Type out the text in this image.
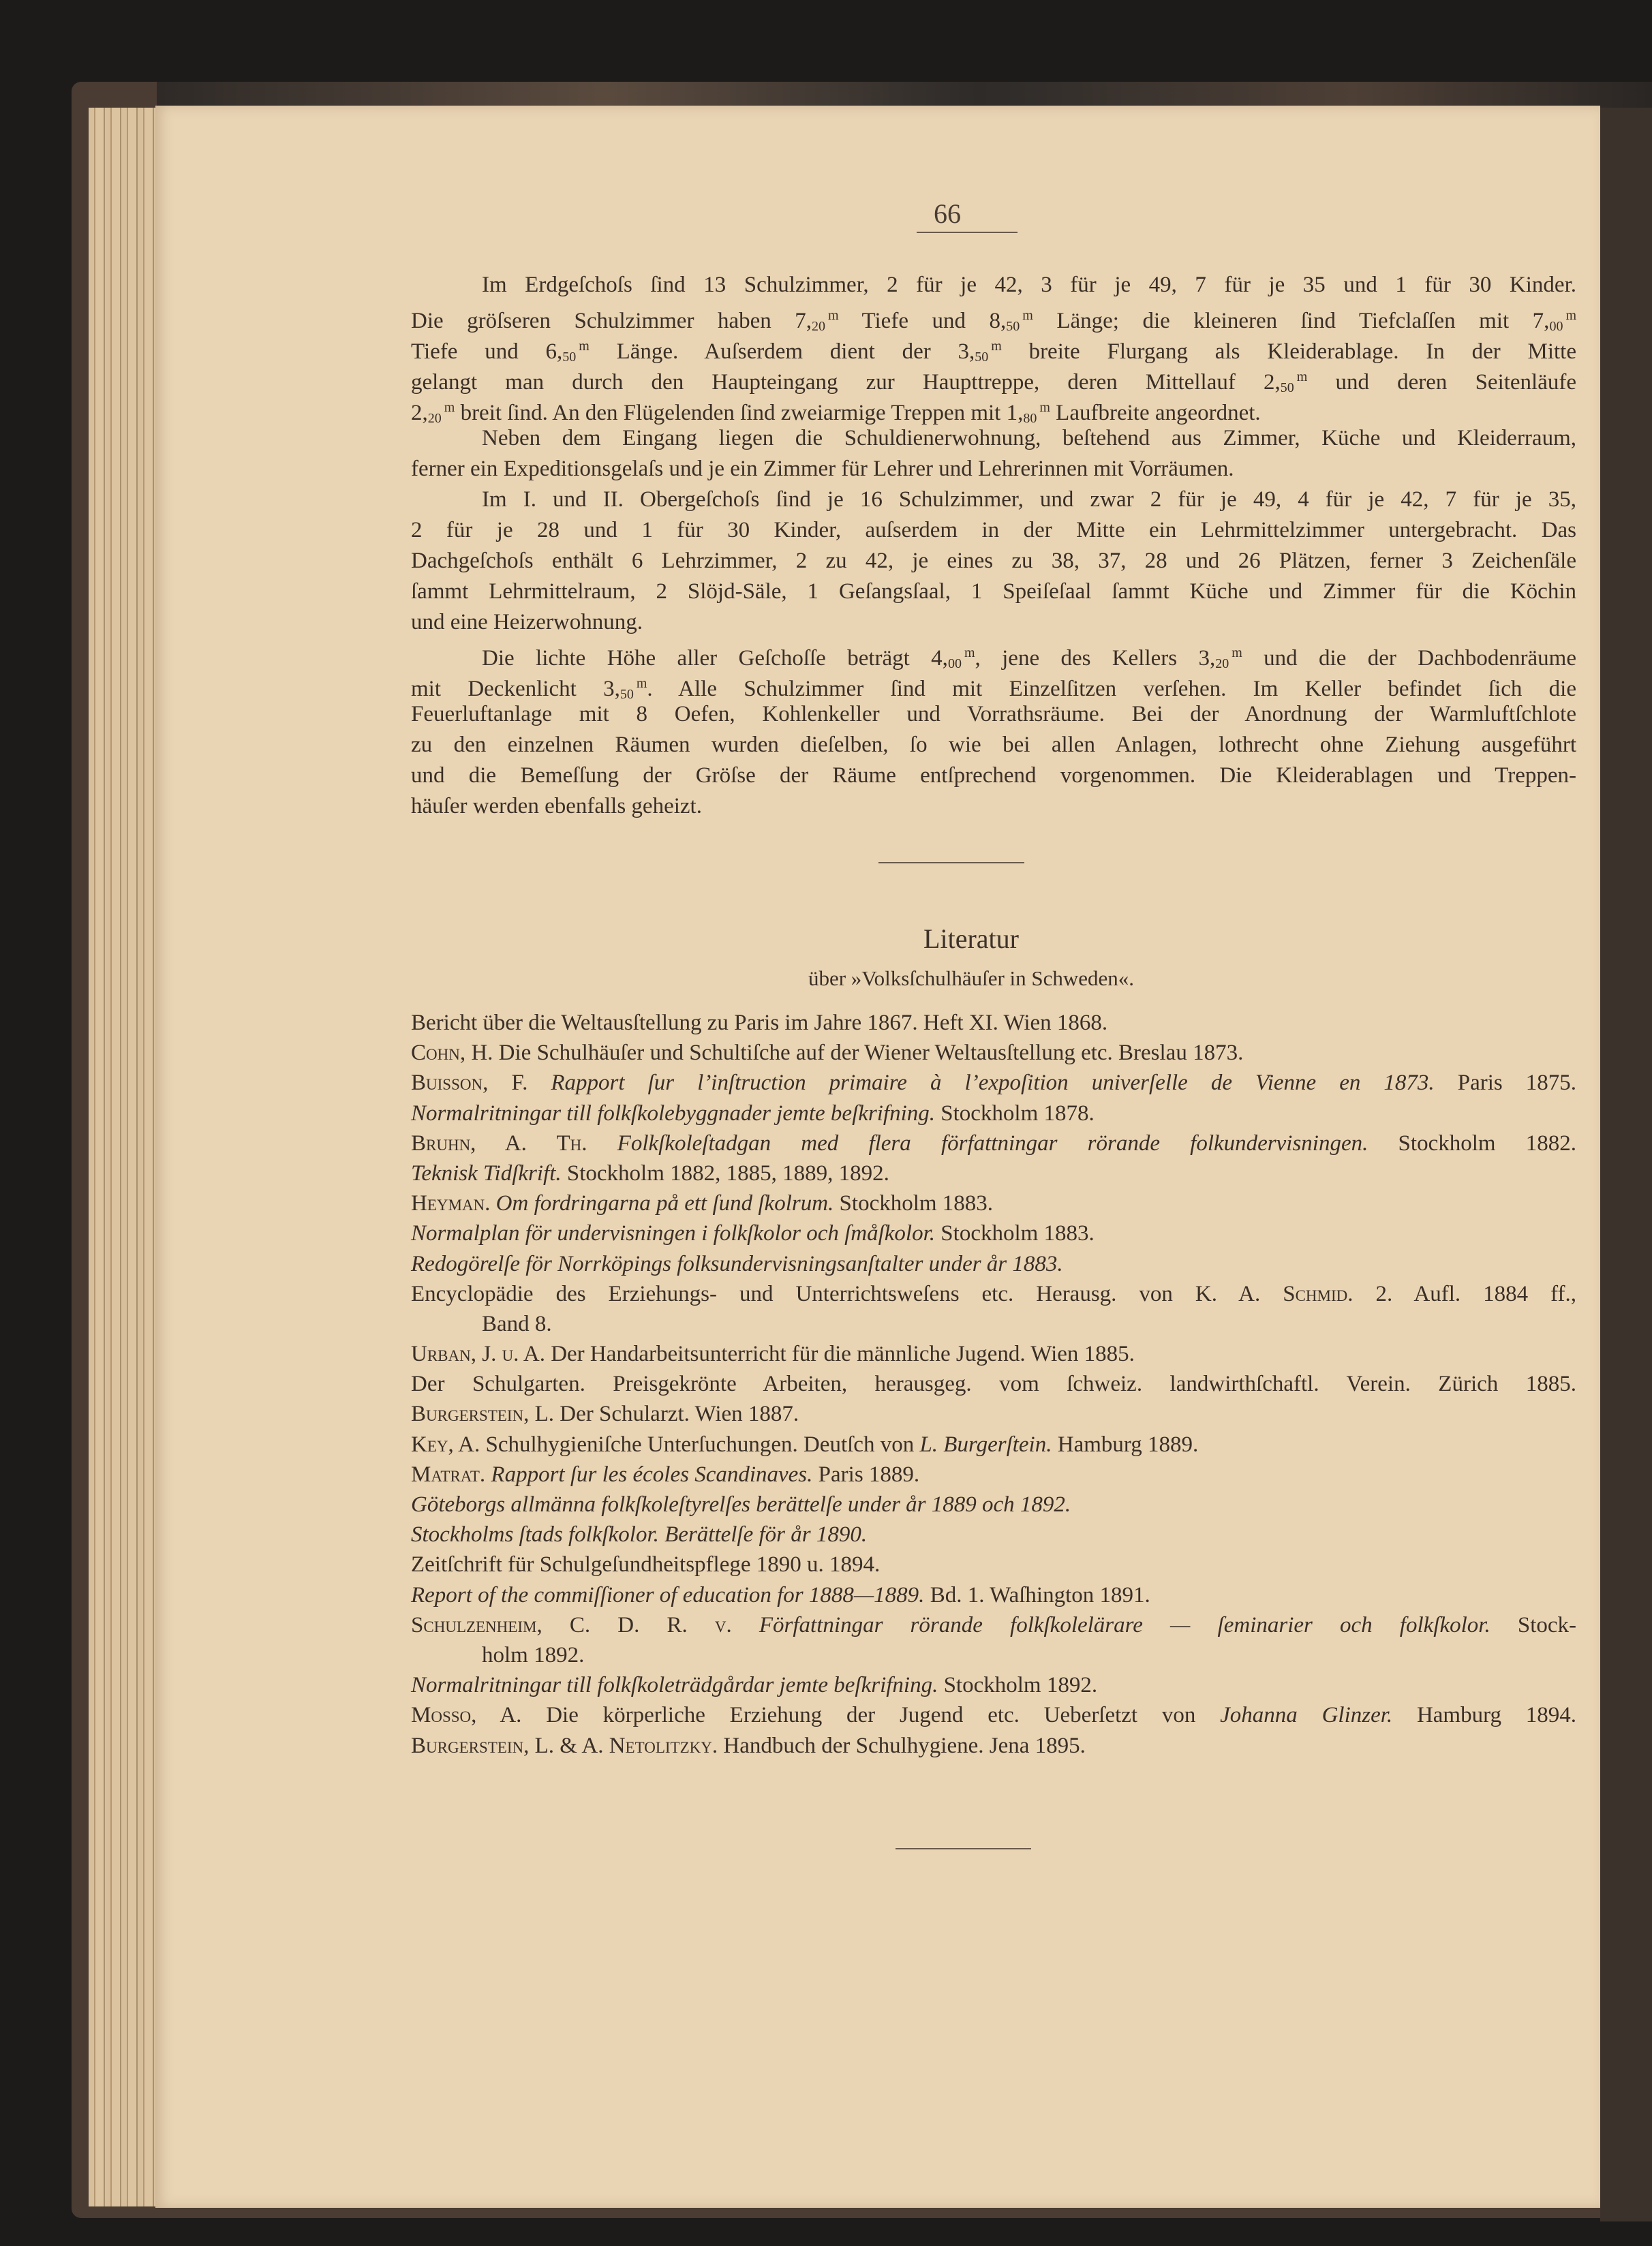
66
Im Erdgeſchoſs ſind 13 Schulzimmer, 2 für je 42, 3 für je 49, 7 für je 35 und 1 für 30 Kinder.
Die gröſseren Schulzimmer haben $7,_{20}^m$ Tiefe und $8,_{50}^m$ Länge; die kleineren ſind Tiefclaſſen mit $7,_{00}^m$
Tiefe und $6,_{50}^m$ Länge. Auſserdem dient der $3,_{50}^m$ breite Flurgang als Kleiderablage. In der Mitte
gelangt man durch den Haupteingang zur Haupttreppe, deren Mittellauf $2,_{50}^m$ und deren Seitenläufe
$2,_{20}^m$ breit ſind. An den Flügelenden ſind zweiarmige Treppen mit $1,_{80}^m$ Laufbreite angeordnet.
Neben dem Eingang liegen die Schuldienerwohnung, beſtehend aus Zimmer, Küche und Kleiderraum,
ferner ein Expeditionsgelaſs und je ein Zimmer für Lehrer und Lehrerinnen mit Vorräumen.
Im I. und II. Obergeſchoſs ſind je 16 Schulzimmer, und zwar 2 für je 49, 4 für je 42, 7 für je 35,
2 für je 28 und 1 für 30 Kinder, auſserdem in der Mitte ein Lehrmittelzimmer untergebracht. Das
Dachgeſchoſs enthält 6 Lehrzimmer, 2 zu 42, je eines zu 38, 37, 28 und 26 Plätzen, ferner 3 Zeichenſäle
ſammt Lehrmittelraum, 2 Slöjd-Säle, 1 Geſangsſaal, 1 Speiſeſaal ſammt Küche und Zimmer für die Köchin
und eine Heizerwohnung.
Die lichte Höhe aller Geſchoſſe beträgt $4,_{00}^m$, jene des Kellers $3,_{20}^m$ und die der Dachbodenräume
mit Deckenlicht $3,_{50}^m$. Alle Schulzimmer ſind mit Einzelſitzen verſehen. Im Keller befindet ſich die
Feuerluftanlage mit 8 Oefen, Kohlenkeller und Vorrathsräume. Bei der Anordnung der Warmluftſchlote
zu den einzelnen Räumen wurden dieſelben, ſo wie bei allen Anlagen, lothrecht ohne Ziehung ausgeführt
und die Bemeſſung der Gröſse der Räume entſprechend vorgenommen. Die Kleiderablagen und Treppen-
häuſer werden ebenfalls geheizt.
Literatur
über »Volksſchulhäuſer in Schweden«.
Bericht über die Weltausſtellung zu Paris im Jahre 1867. Heft XI. Wien 1868.
Cohn, H. Die Schulhäuſer und Schultiſche auf der Wiener Weltausſtellung etc. Breslau 1873.
Buisson, F. Rapport ſur l’inſtruction primaire à l’expoſition univerſelle de Vienne en 1873. Paris 1875.
Normalritningar till folkſkolebyggnader jemte beſkrifning. Stockholm 1878.
Bruhn, A. Th. Folkſkoleſtadgan med flera författningar rörande folkundervisningen. Stockholm 1882.
Teknisk Tidſkrift. Stockholm 1882, 1885, 1889, 1892.
Heyman. Om fordringarna på ett ſund ſkolrum. Stockholm 1883.
Normalplan för undervisningen i folkſkolor och ſmåſkolor. Stockholm 1883.
Redogörelſe för Norrköpings folksundervisningsanſtalter under år 1883.
Encyclopädie des Erziehungs- und Unterrichtsweſens etc. Herausg. von K. A. Schmid. 2. Aufl. 1884 ff.,
Band 8.
Urban, J. u. A. Der Handarbeitsunterricht für die männliche Jugend. Wien 1885.
Der Schulgarten. Preisgekrönte Arbeiten, herausgeg. vom ſchweiz. landwirthſchaftl. Verein. Zürich 1885.
Burgerstein, L. Der Schularzt. Wien 1887.
Key, A. Schulhygieniſche Unterſuchungen. Deutſch von L. Burgerſtein. Hamburg 1889.
Matrat. Rapport ſur les écoles Scandinaves. Paris 1889.
Göteborgs allmänna folkſkoleſtyrelſes berättelſe under år 1889 och 1892.
Stockholms ſtads folkſkolor. Berättelſe för år 1890.
Zeitſchrift für Schulgeſundheitspflege 1890 u. 1894.
Report of the commiſſioner of education for 1888—1889. Bd. 1. Waſhington 1891.
Schulzenheim, C. D. R. v. Författningar rörande folkſkolelärare — ſeminarier och folkſkolor. Stock-
holm 1892.
Normalritningar till folkſkoleträdgårdar jemte beſkrifning. Stockholm 1892.
Mosso, A. Die körperliche Erziehung der Jugend etc. Ueberſetzt von Johanna Glinzer. Hamburg 1894.
Burgerstein, L. & A. Netolitzky. Handbuch der Schulhygiene. Jena 1895.
